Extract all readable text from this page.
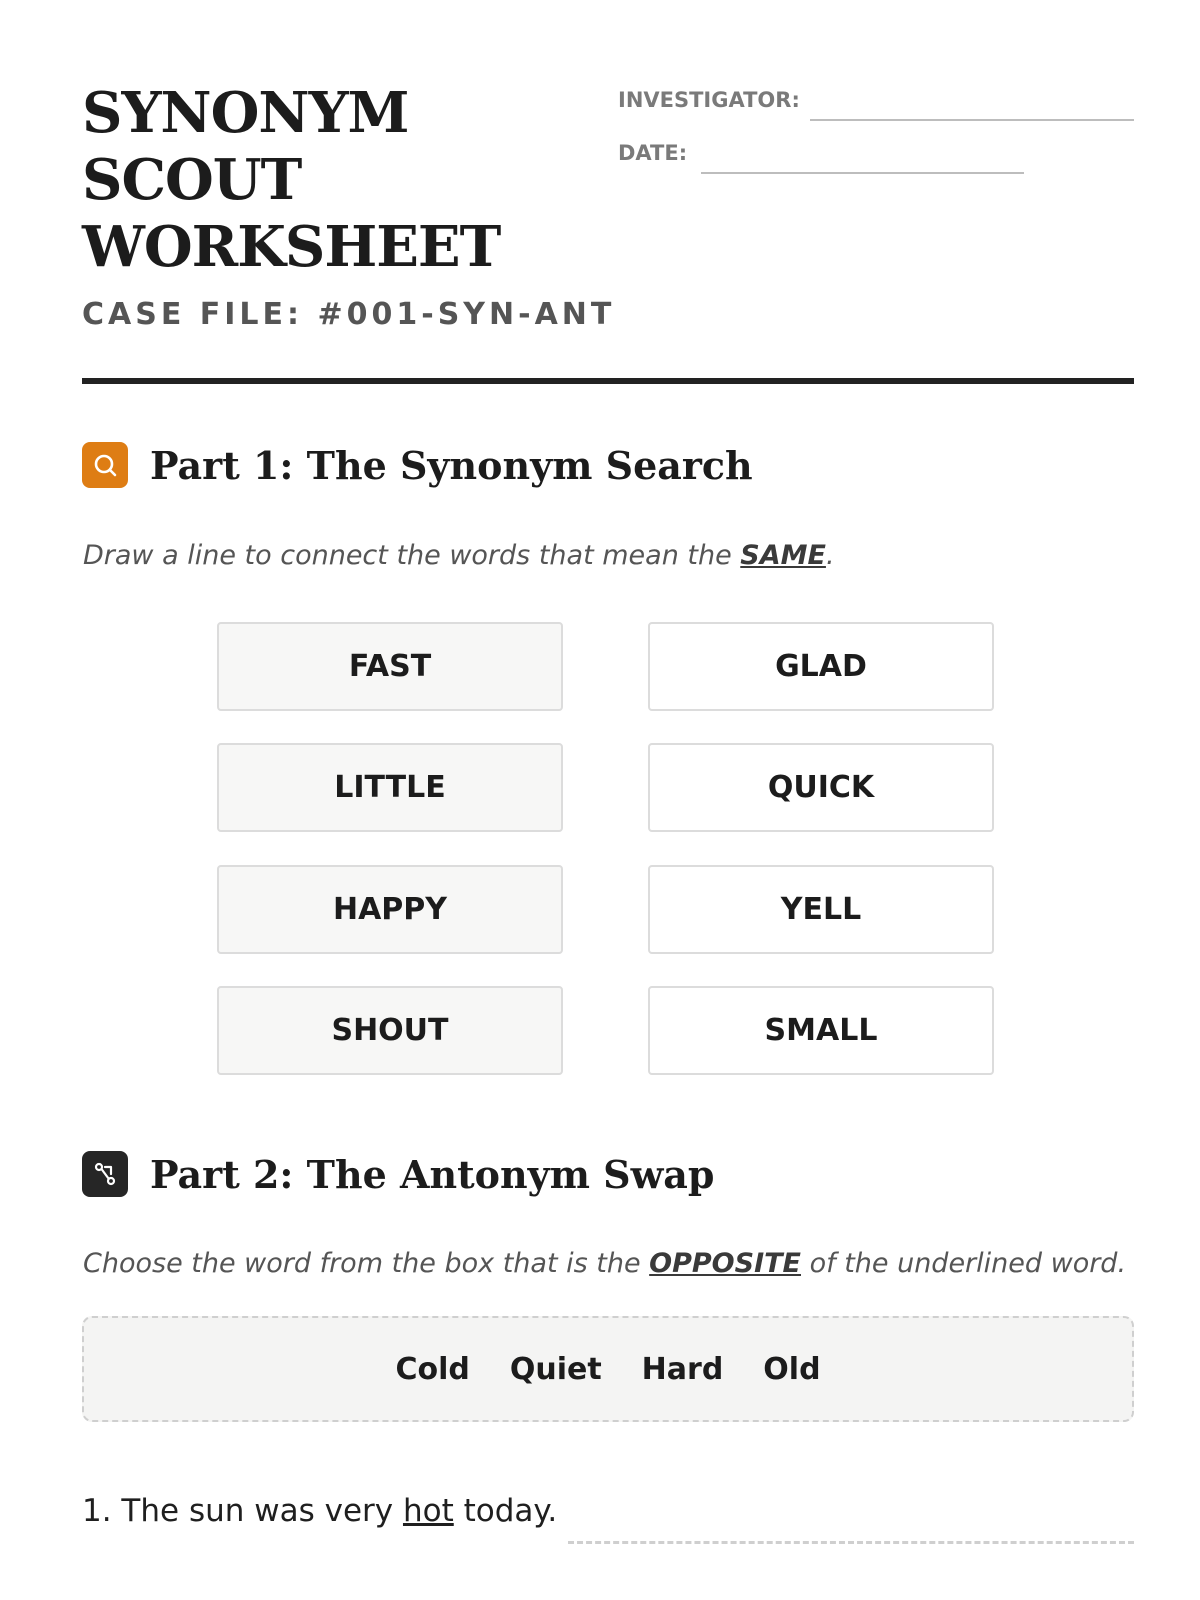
SYNONYM
SCOUT
WORKSHEET
CASE FILE: #001-SYN-ANT
INVESTIGATOR:
DATE:
Part 1: The Synonym Search
Draw a line to connect the words that mean the SAME.
FAST
LITTLE
HAPPY
SHOUT
GLAD
QUICK
YELL
SMALL
Part 2: The Antonym Swap
Choose the word from the box that is the OPPOSITE of the underlined word.
Cold Quiet Hard Old
1. The sun was very hot today.
